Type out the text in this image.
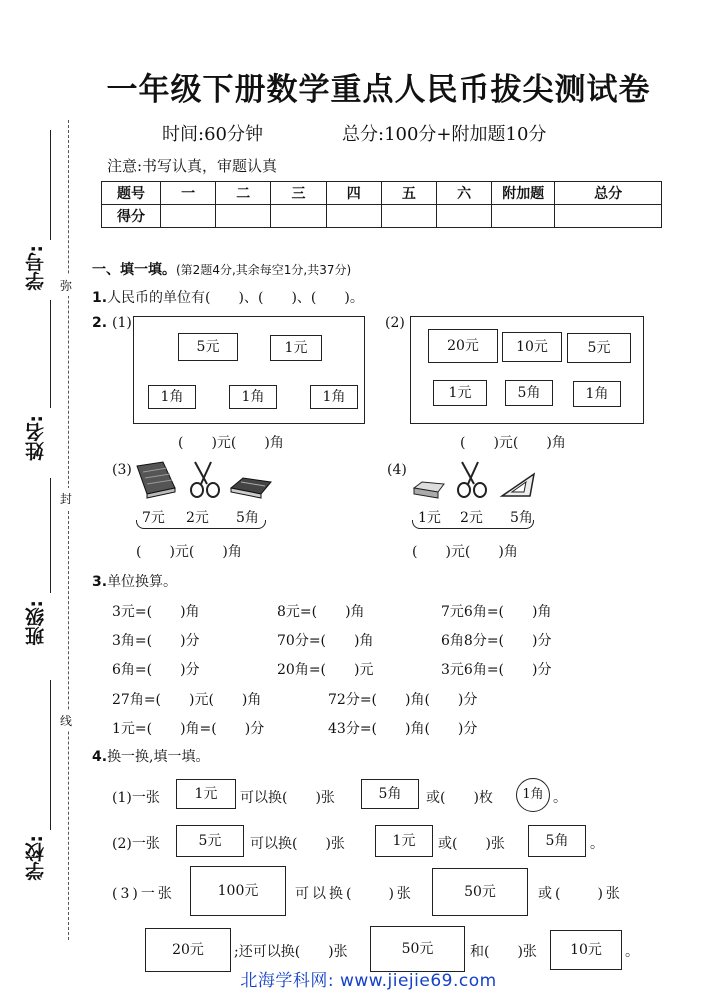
一年级下册数学重点人民币拔尖测试卷
时间:60分钟	总分:100分+附加题10分
注意:书写认真，审题认真
题号	一	二	三	四	五	六	附加题	总分
得分								
学号:
姓名:
班级:
学校:
弥
封
线
一、填一填。(第2题4分,其余每空1分,共37分)
1.人民币的单位有(　　)、(　　)、(　　)。
2. (1)
5元	1元
1角	1角	1角
(　　)元(　　)角
(2)
20元	10元	5元
1元	5角	1角
(　　)元(　　)角
(3)
7元 2元 5角
(　　)元(　　)角
(4)
1元 2元 5角
(　　)元(　　)角
3.单位换算。
3元=(　　)角	8元=(　　)角	7元6角=(　　)角
3角=(　　)分	70分=(　　)角	6角8分=(　　)分
6角=(　　)分	20角=(　　)元	3元6角=(　　)分
27角=(　　)元(　　)角	72分=(　　)角(　　)分
1元=(　　)角=(　　)分	43分=(　　)角(　　)分
4.换一换,填一填。
(1)一张	1元	可以换(　　)张	5角	或(　　)枚	1角 。
(2)一张	5元	可以换(　　)张	1元	或(　　)张	5角	。
(3)一张	100元	可以换(　　)张	50元	或(　　)张
20元	;还可以换(　　)张	50元	和(　　)张	10元	。
北海学科网: www.jiejie69.com
